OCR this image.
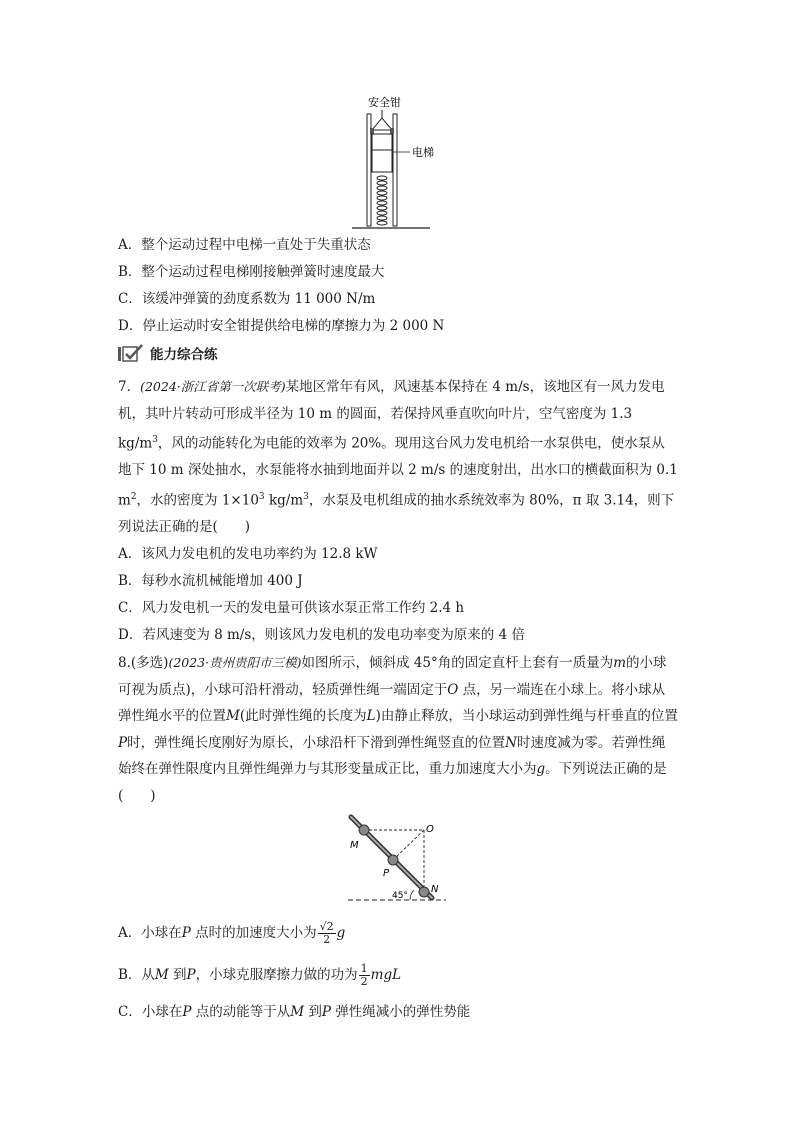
安全钳
电梯
A．整个运动过程中电梯一直处于失重状态
B．整个运动过程电梯刚接触弹簧时速度最大
C．该缓冲弹簧的劲度系数为 11 000 N/m
D．停止运动时安全钳提供给电梯的摩擦力为 2 000 N
能力综合练
7．(2024·浙江省第一次联考)某地区常年有风，风速基本保持在 4 m/s，该地区有一风力发电机，其叶片转动可形成半径为 10 m 的圆面，若保持风垂直吹向叶片，空气密度为 1.3 $kg/m^3$，风的动能转化为电能的效率为 20%。现用这台风力发电机给一水泵供电，使水泵从地下 10 m 深处抽水，水泵能将水抽到地面并以 2 m/s 的速度射出，出水口的横截面积为 0.1 $m^2$，水的密度为 $1\times 10^3$ $kg/m^3$，水泵及电机组成的抽水系统效率为 80%，π 取 3.14，则下列说法正确的是(　　)
A．该风力发电机的发电功率约为 12.8 kW
B．每秒水流机械能增加 400 J
C．风力发电机一天的发电量可供该水泵正常工作约 2.4 h
D．若风速变为 8 m/s，则该风力发电机的发电功率变为原来的 4 倍
8.(多选)(2023·贵州贵阳市三模)如图所示，倾斜成 45°角的固定直杆上套有一质量为m的小球可视为质点)，小球可沿杆滑动，轻质弹性绳一端固定于O 点，另一端连在小球上。将小球从弹性绳水平的位置M(此时弹性绳的长度为L)由静止释放，当小球运动到弹性绳与杆垂直的位置P时，弹性绳长度刚好为原长，小球沿杆下滑到弹性绳竖直的位置N时速度减为零。若弹性绳始终在弹性限度内且弹性绳弹力与其形变量成正比，重力加速度大小为g。下列说法正确的是(　　)
O
M
P
N
45°
A．小球在P 点时的加速度大小为 $\frac{√2}{2}$ g
B．从M 到P，小球克服摩擦力做的功为 $\frac{1}{2}$ mgL
C．小球在P 点的动能等于从M 到P 弹性绳减小的弹性势能
